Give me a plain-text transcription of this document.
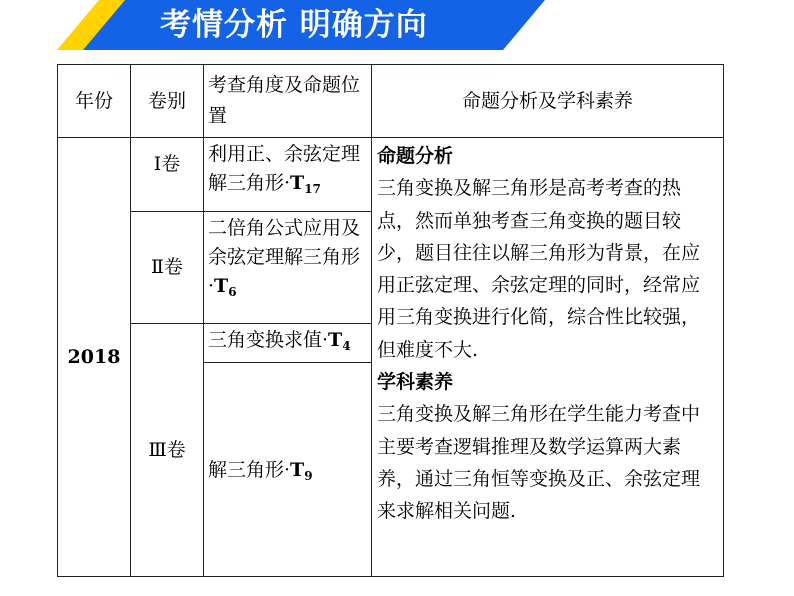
考情分析 明确方向
年份	卷别	考查角度及命题位置	命题分析及学科素养
2018	Ⅰ卷	利用正、余弦定理解三角形$\cdot T_{17}$	命题分析
三角变换及解三角形是高考考查的热点，然而单独考查三角变换的题目较少，题目往往以解三角形为背景，在应用正弦定理、余弦定理的同时，经常应用三角变换进行化简，综合性比较强，但难度不大.
学科素养
三角变换及解三角形在学生能力考查中主要考查逻辑推理及数学运算两大素养，通过三角恒等变换及正、余弦定理来求解相关问题.

	Ⅱ卷	二倍角公式应用及余弦定理解三角形$\cdot T_6$
	Ⅲ卷	三角变换求值$\cdot T_4$
		解三角形$\cdot T_9$
